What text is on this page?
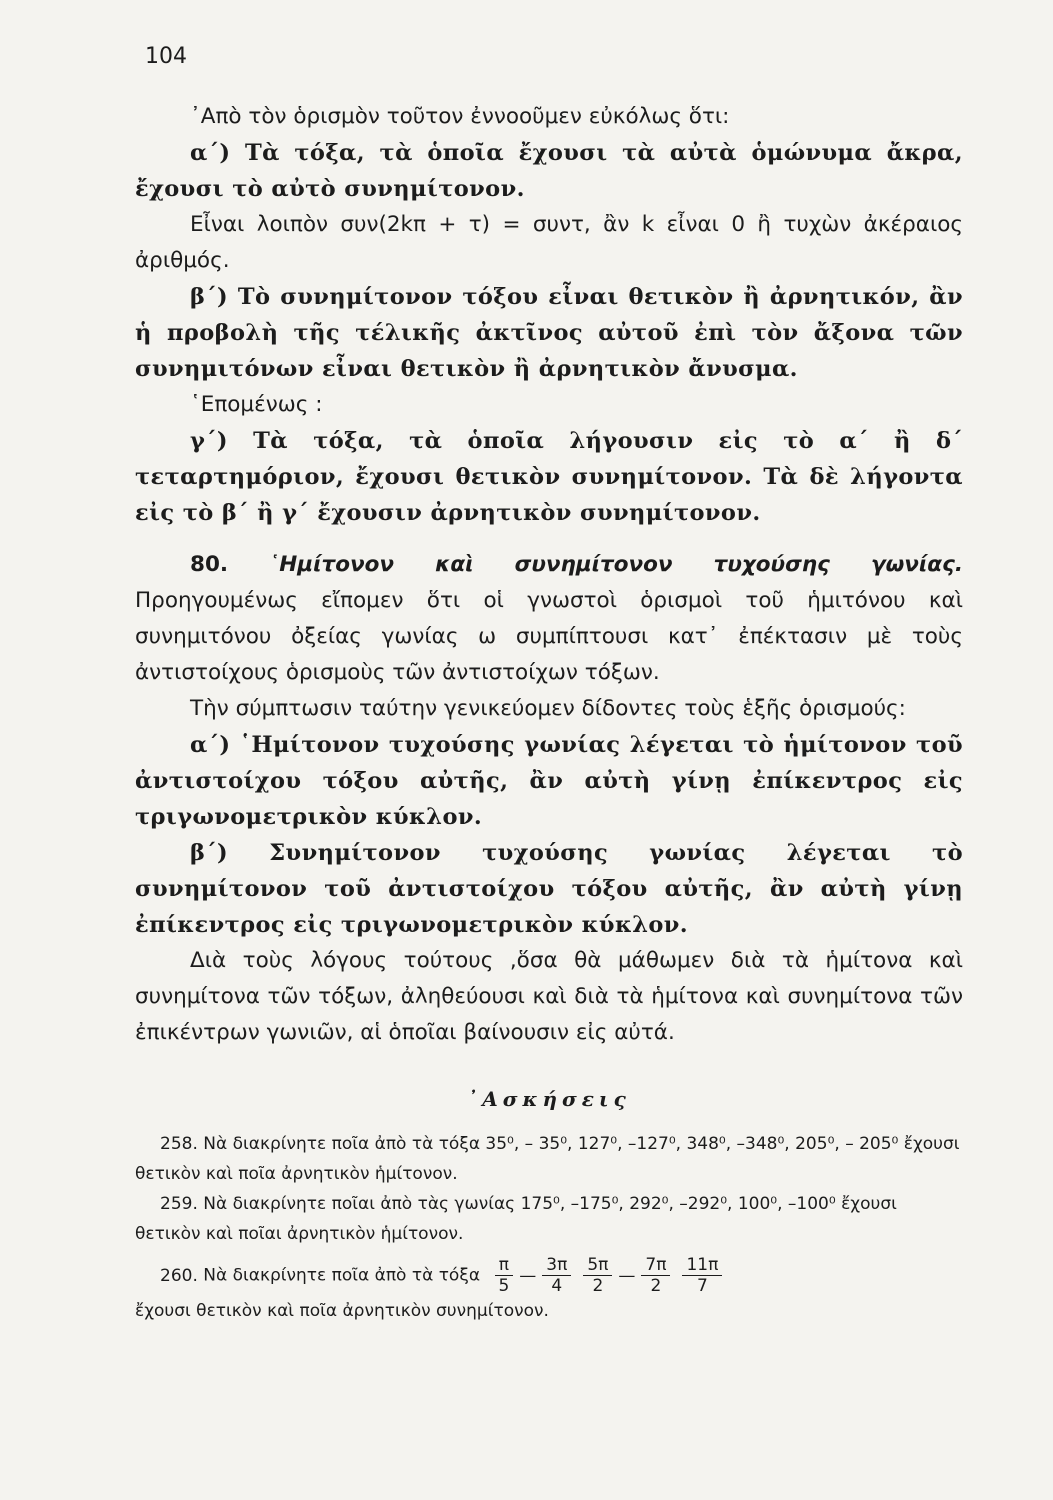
104

᾿Απὸ τὸν ὁρισμὸν τοῦτον ἐννοοῦμεν εὐκόλως ὅτι:

α΄) Τὰ τόξα, τὰ ὁποῖα ἔχουσι τὰ αὐτὰ ὁμώνυμα ἄκρα, ἔχουσι τὸ αὐτὸ συνημίτονον.

Εἶναι λοιπὸν συν(2kπ + τ) = συντ, ἂν k εἶναι 0 ἢ τυχὼν ἀκέραιος ἀριθμός.

β΄) Τὸ συνημίτονον τόξου εἶναι θετικὸν ἢ ἀρνητικόν, ἂν ἡ προβολὴ τῆς τέλικῆς ἀκτῖνος αὐτοῦ ἐπὶ τὸν ἄξονα τῶν συνημιτόνων εἶναι θετικὸν ἢ ἀρνητικὸν ἄνυσμα.

῾Επομένως :

γ΄) Τὰ τόξα, τὰ ὁποῖα λήγουσιν εἰς τὸ α΄ ἢ δ΄ τεταρτημόριον, ἔχουσι θετικὸν συνημίτονον. Τὰ δὲ λήγοντα εἰς τὸ β΄ ἢ γ΄ ἔχουσιν ἀρνητικὸν συνημίτονον.

80. ῾Ημίτονον καὶ συνημίτονον τυχούσης γωνίας. Προηγουμένως εἴπομεν ὅτι οἱ γνωστοὶ ὁρισμοὶ τοῦ ἡμιτόνου καὶ συνημιτόνου ὀξείας γωνίας ω συμπίπτουσι κατ᾿ ἐπέκτασιν μὲ τοὺς ἀντιστοίχους ὁρισμοὺς τῶν ἀντιστοίχων τόξων.

Τὴν σύμπτωσιν ταύτην γενικεύομεν δίδοντες τοὺς ἑξῆς ὁρισμούς:

α΄) ῾Ημίτονον τυχούσης γωνίας λέγεται τὸ ἡμίτονον τοῦ ἀντιστοίχου τόξου αὐτῆς, ἂν αὐτὴ γίνῃ ἐπίκεντρος εἰς τριγωνομετρικὸν κύκλον.

β΄) Συνημίτονον τυχούσης γωνίας λέγεται τὸ συνημίτονον τοῦ ἀντιστοίχου τόξου αὐτῆς, ἂν αὐτὴ γίνῃ ἐπίκεντρος εἰς τριγωνομετρικὸν κύκλον.

Διὰ τοὺς λόγους τούτους ,ὅσα θὰ μάθωμεν διὰ τὰ ἡμίτονα καὶ συνημίτονα τῶν τόξων, ἀληθεύουσι καὶ διὰ τὰ ἡμίτονα καὶ συνημίτονα τῶν ἐπικέντρων γωνιῶν, αἱ ὁποῖαι βαίνουσιν εἰς αὐτά.

᾿Ασκήσεις

258. Νὰ διακρίνητε ποῖα ἀπὸ τὰ τόξα 35⁰, – 35⁰, 127⁰, –127⁰, 348⁰, –348⁰, 205⁰, – 205⁰ ἔχουσι θετικὸν καὶ ποῖα ἀρνητικὸν ἡμίτονον.

259. Νὰ διακρίνητε ποῖαι ἀπὸ τὰς γωνίας 175⁰, –175⁰, 292⁰, –292⁰, 100⁰, –100⁰ ἔχουσι θετικὸν καὶ ποῖαι ἀρνητικὸν ἡμίτονον.

260. Νὰ διακρίνητε ποῖα ἀπὸ τὰ τόξα $\frac{\pi}{5}$ — $\frac{3\pi}{4} \frac{5\pi}{2}$ — $\frac{7\pi}{2} \frac{11\pi}{7}$

ἔχουσι θετικὸν καὶ ποῖα ἀρνητικὸν συνημίτονον.
